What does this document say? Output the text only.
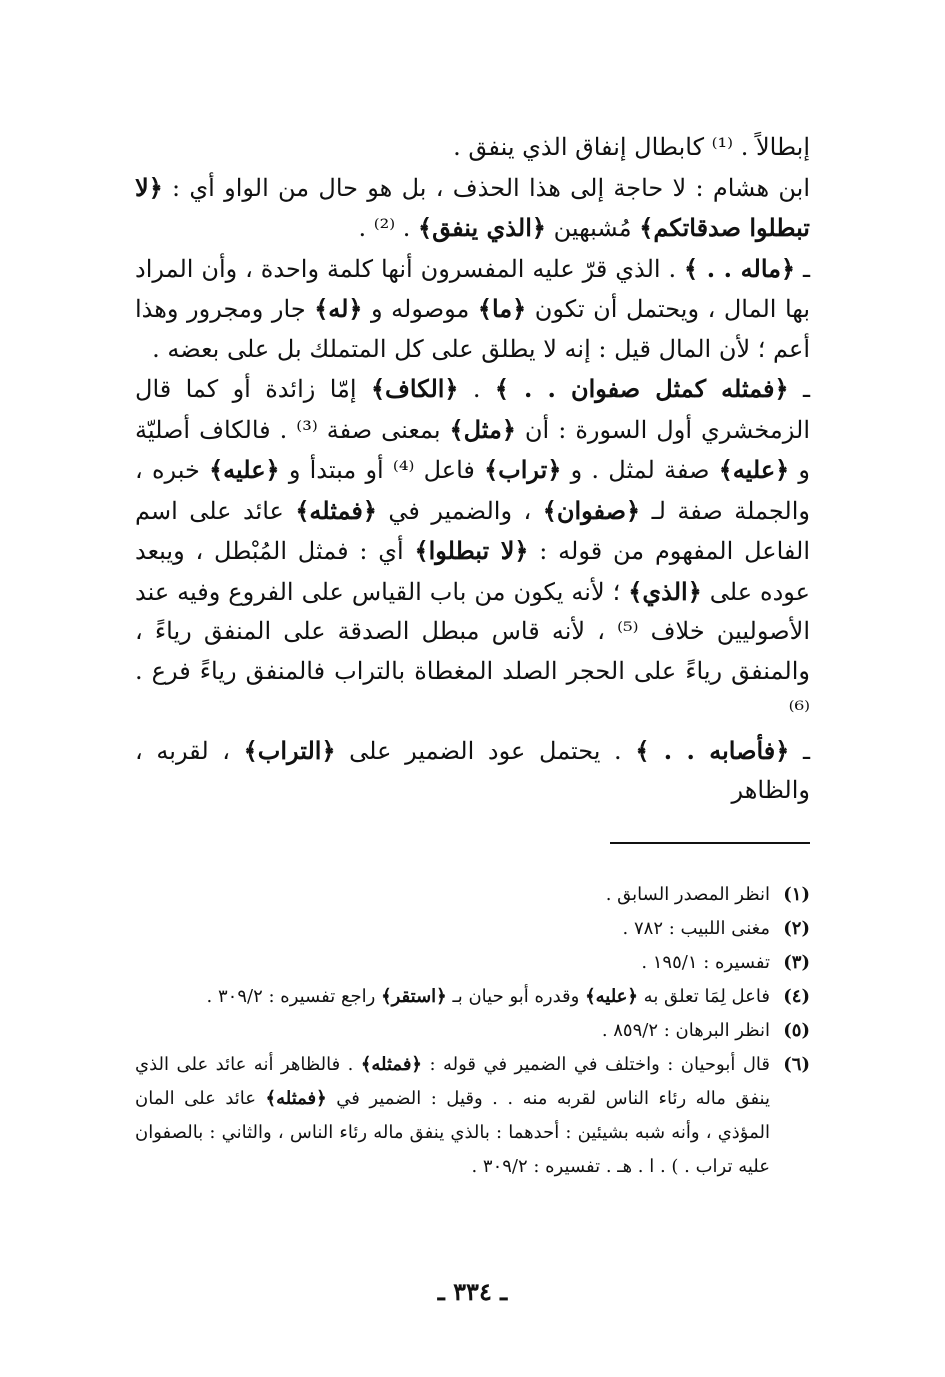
إبطالاً . ⁽¹⁾ كابطال إنفاق الذي ينفق .

ابن هشام : لا حاجة إلى هذا الحذف ، بل هو حال من الواو أي : ﴿لا تبطلوا صدقاتكم﴾ مُشبهين ﴿الذي ينفق﴾ . ⁽²⁾ .

ـ ﴿ماله . . ﴾ . الذي قرّ عليه المفسرون أنها كلمة واحدة ، وأن المراد بها المال ، ويحتمل أن تكون ﴿ما﴾ موصوله و ﴿له﴾ جار ومجرور وهذا أعم ؛ لأن المال قيل : إنه لا يطلق على كل المتملك بل على بعضه .

ـ ﴿فمثله كمثل صفوان . . ﴾ . ﴿الكاف﴾ إمّا زائدة أو كما قال الزمخشري أول السورة : أن ﴿مثل﴾ بمعنى صفة ⁽³⁾ . فالكاف أصليّة و ﴿عليه﴾ صفة لمثل . و ﴿تراب﴾ فاعل ⁽⁴⁾ أو مبتدأ و ﴿عليه﴾ خبره ، والجملة صفة لـ ﴿صفوان﴾ ، والضمير في ﴿فمثله﴾ عائد على اسم الفاعل المفهوم من قوله : ﴿لا تبطلوا﴾ أي : فمثل المُبْطل ، ويبعد عوده على ﴿الذي﴾ ؛ لأنه يكون من باب القياس على الفروع وفيه عند الأصوليين خلاف ⁽⁵⁾ ، لأنه قاس مبطل الصدقة على المنفق رياءً ، والمنفق رياءً على الحجر الصلد المغطاة بالتراب فالمنفق رياءً فرع . ⁽⁶⁾

ـ ﴿فأصابه . . ﴾ . يحتمل عود الضمير على ﴿التراب﴾ ، لقربه ، والظاهر

(١)
انظر المصدر السابق .
(٢)
مغنى اللبيب : ٧٨٢ .
(٣)
تفسيره : ١٩٥/١ .
(٤)
فاعل لِمَا تعلق به ﴿عليه﴾ وقدره أبو حيان بـ ﴿استقر﴾ راجع تفسيره : ٣٠٩/٢ .
(٥)
انظر البرهان : ٨٥٩/٢ .
(٦)
قال أبوحيان : واختلف في الضمير في قوله : ﴿فمثله﴾ . فالظاهر أنه عائد على الذي ينفق ماله رئاء الناس لقربه منه . . وقيل : الضمير في ﴿فمثله﴾ عائد على المان المؤذي ، وأنه شبه بشيئين : أحدهما : بالذي ينفق ماله رئاء الناس ، والثاني : بالصفوان عليه تراب . ) . ا . هـ . تفسيره : ٣٠٩/٢ .
ـ ٣٣٤ ـ
